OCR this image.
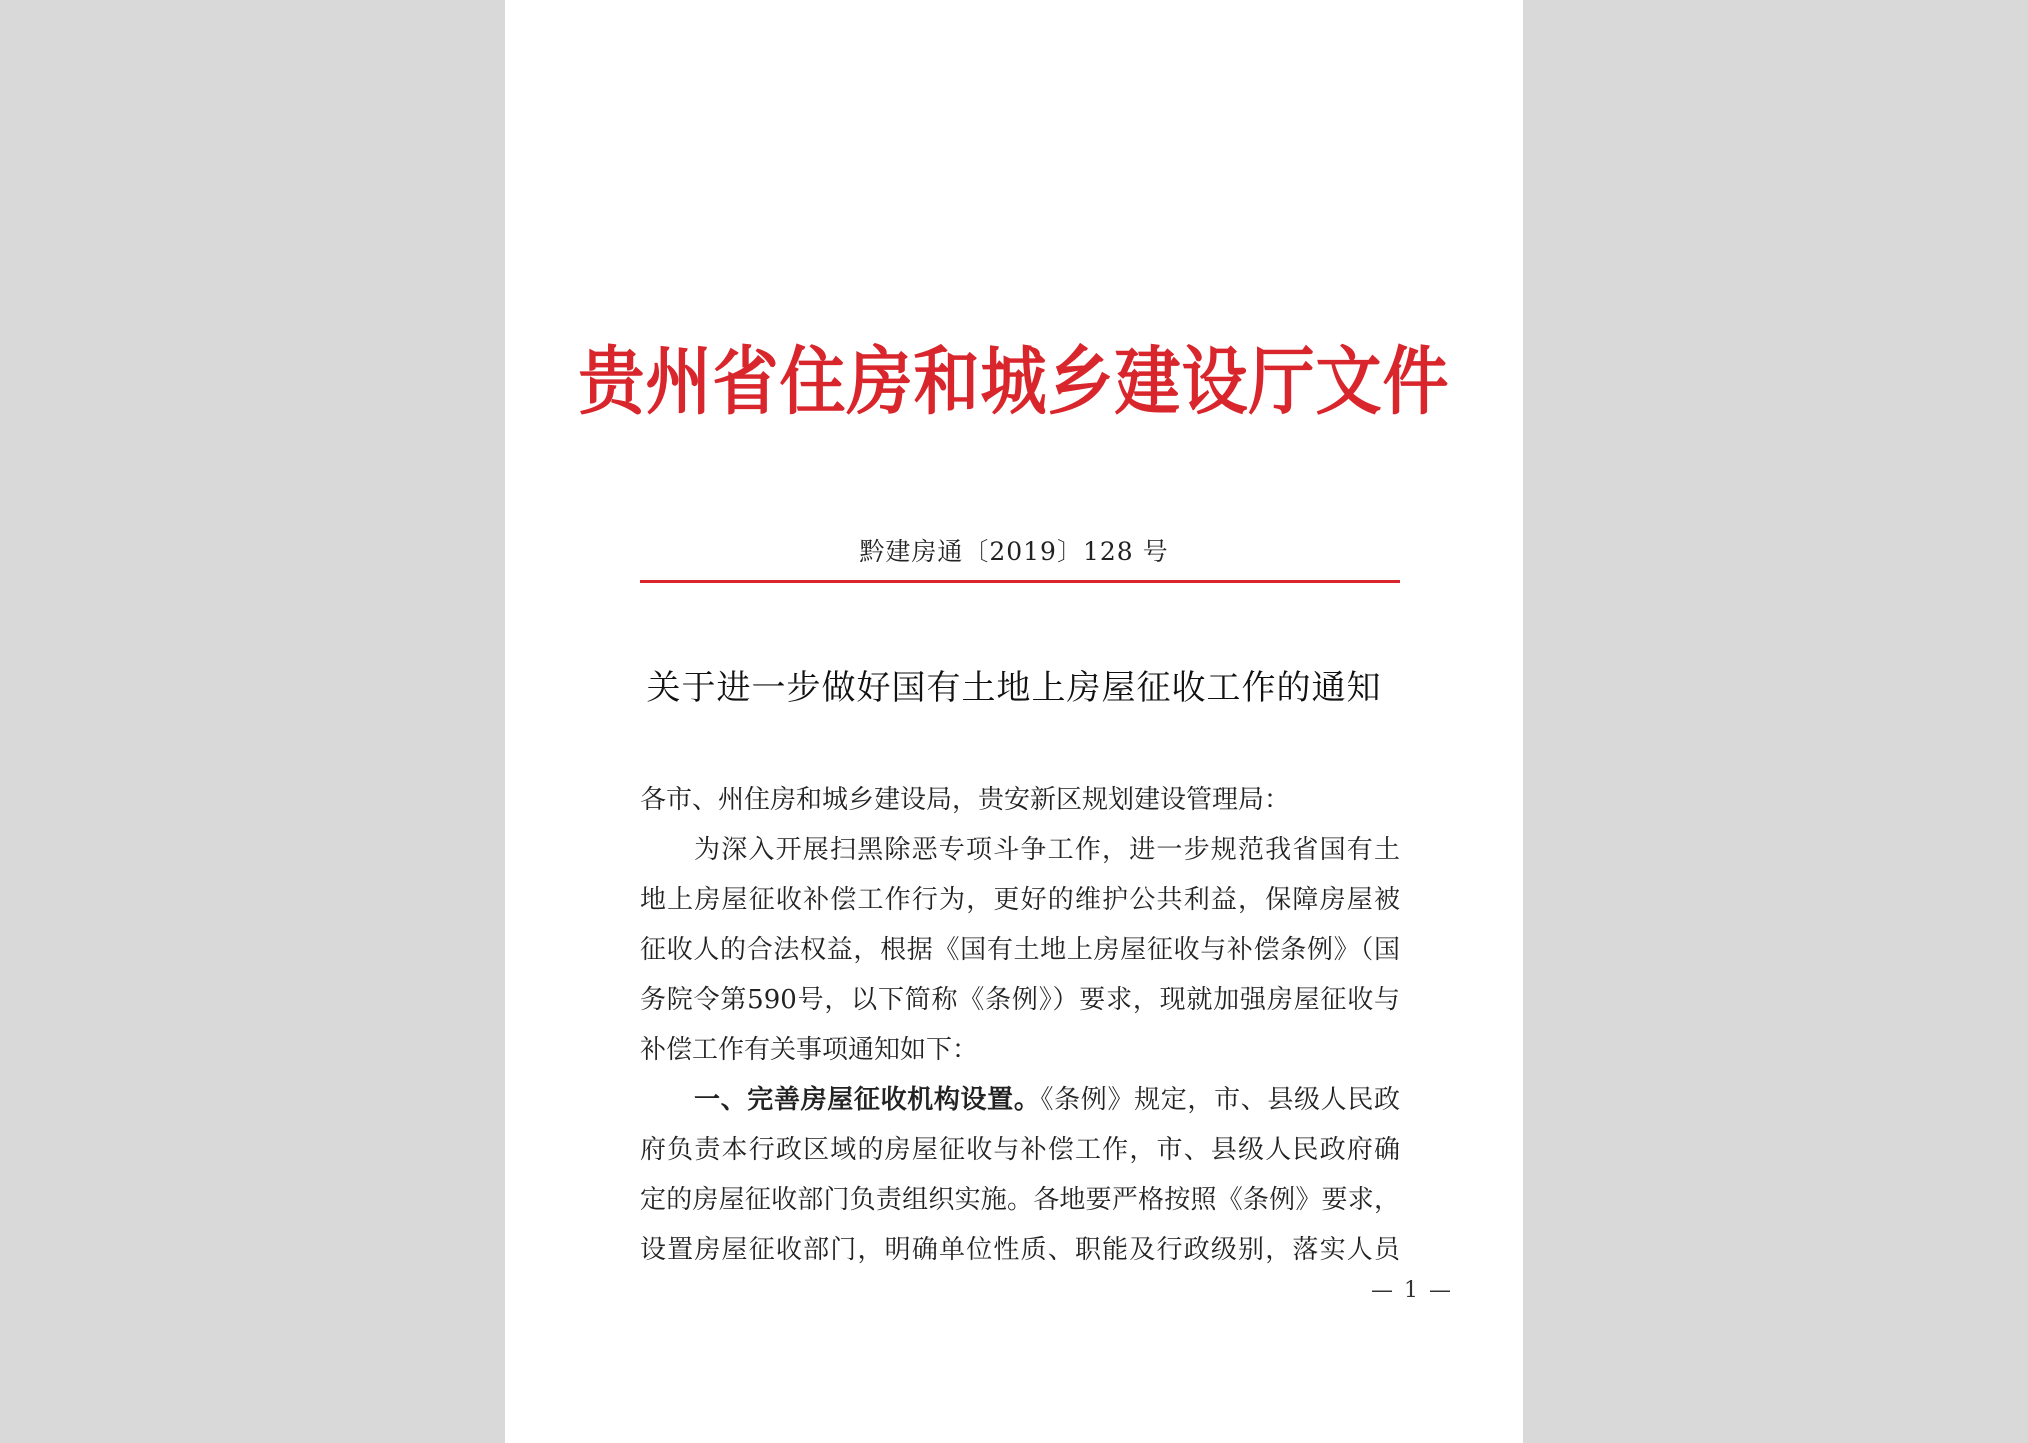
贵州省住房和城乡建设厅文件
黔建房通〔2019〕128 号
关于进一步做好国有土地上房屋征收工作的通知
各市、州住房和城乡建设局，贵安新区规划建设管理局：
为深入开展扫黑除恶专项斗争工作，进一步规范我省国有土
地上房屋征收补偿工作行为，更好的维护公共利益，保障房屋被
征收人的合法权益，根据《国有土地上房屋征收与补偿条例》（国
务院令第590号，以下简称《条例》）要求，现就加强房屋征收与
补偿工作有关事项通知如下：
一、完善房屋征收机构设置。《条例》规定，市、县级人民政
府负责本行政区域的房屋征收与补偿工作，市、县级人民政府确
定的房屋征收部门负责组织实施。各地要严格按照《条例》要求，
设置房屋征收部门，明确单位性质、职能及行政级别，落实人员
— 1 —
